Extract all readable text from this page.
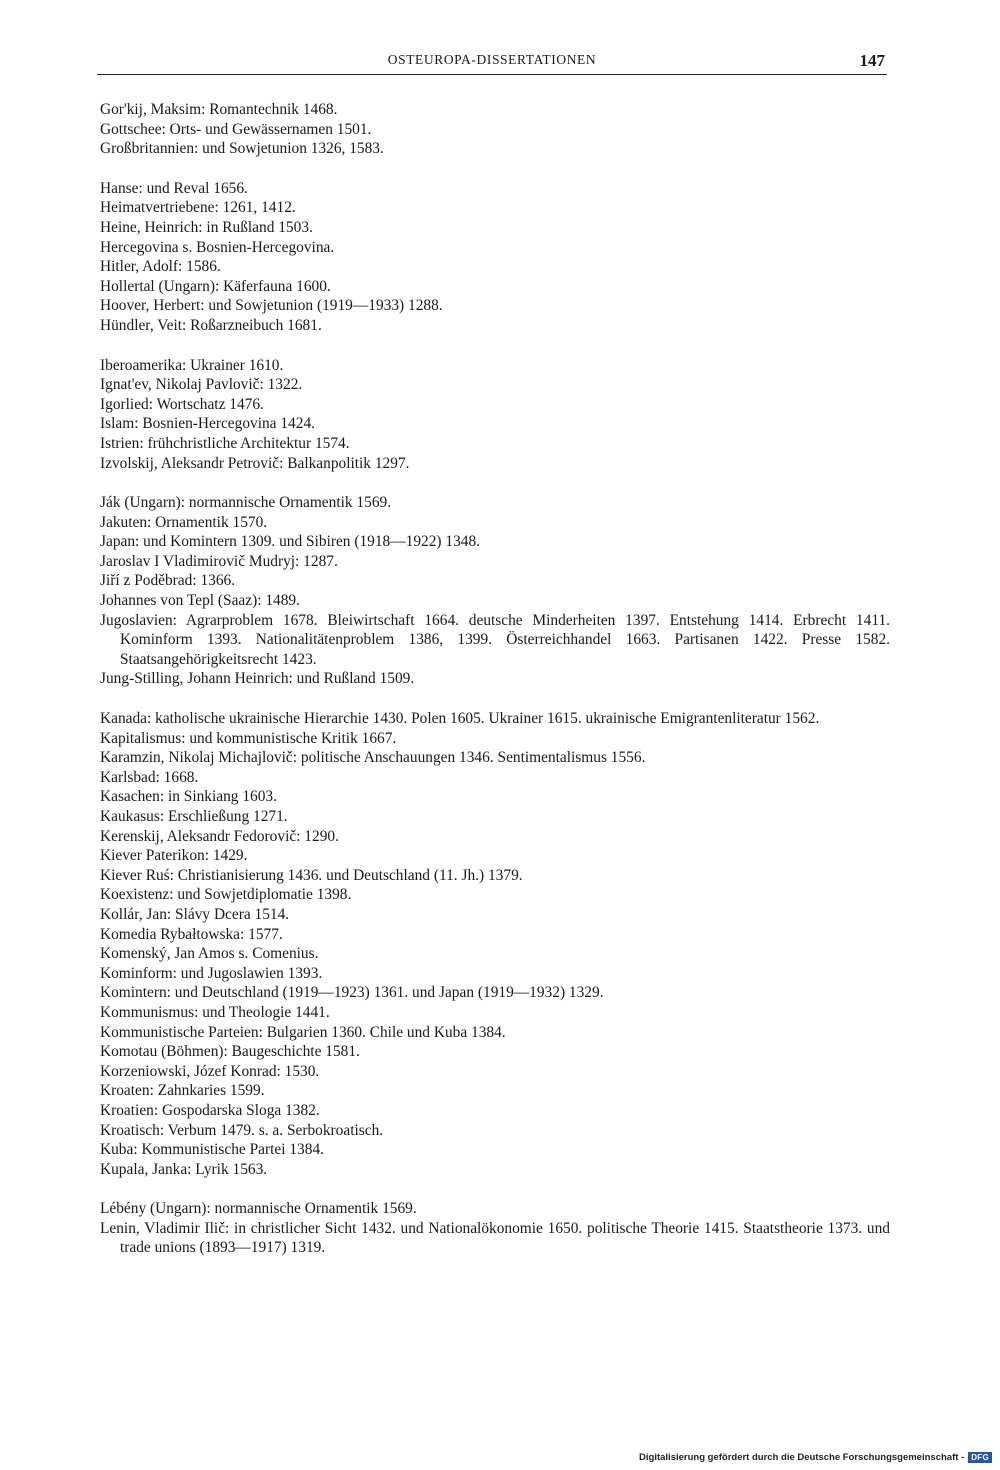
OSTEUROPA-DISSERTATIONEN	147
Gor'kij, Maksim: Romantechnik 1468.
Gottschee: Orts- und Gewässernamen 1501.
Großbritannien: und Sowjetunion 1326, 1583.
Hanse: und Reval 1656.
Heimatvertriebene: 1261, 1412.
Heine, Heinrich: in Rußland 1503.
Hercegovina s. Bosnien-Hercegovina.
Hitler, Adolf: 1586.
Hollertal (Ungarn): Käferfauna 1600.
Hoover, Herbert: und Sowjetunion (1919—1933) 1288.
Hündler, Veit: Roßarzneibuch 1681.
Iberoamerika: Ukrainer 1610.
Ignat'ev, Nikolaj Pavlovič: 1322.
Igorlied: Wortschatz 1476.
Islam: Bosnien-Hercegovina 1424.
Istrien: frühchristliche Architektur 1574.
Izvolskij, Aleksandr Petrovič: Balkanpolitik 1297.
Ják (Ungarn): normannische Ornamentik 1569.
Jakuten: Ornamentik 1570.
Japan: und Komintern 1309. und Sibiren (1918—1922) 1348.
Jaroslav I Vladimirovič Mudryj: 1287.
Jiří z Poděbrad: 1366.
Johannes von Tepl (Saaz): 1489.
Jugoslavien: Agrarproblem 1678. Bleiwirtschaft 1664. deutsche Minderheiten 1397. Entstehung 1414. Erbrecht 1411. Kominform 1393. Nationalitätenproblem 1386, 1399. Österreichhandel 1663. Partisanen 1422. Presse 1582. Staatsangehörigkeitsrecht 1423.
Jung-Stilling, Johann Heinrich: und Rußland 1509.
Kanada: katholische ukrainische Hierarchie 1430. Polen 1605. Ukrainer 1615. ukrainische Emigrantenliteratur 1562.
Kapitalismus: und kommunistische Kritik 1667.
Karamzin, Nikolaj Michajlovič: politische Anschauungen 1346. Sentimentalismus 1556.
Karlsbad: 1668.
Kasachen: in Sinkiang 1603.
Kaukasus: Erschließung 1271.
Kerenskij, Aleksandr Fedorovič: 1290.
Kiever Paterikon: 1429.
Kiever Ruś: Christianisierung 1436. und Deutschland (11. Jh.) 1379.
Koexistenz: und Sowjetdiplomatie 1398.
Kollár, Jan: Slávy Dcera 1514.
Komedia Rybałtowska: 1577.
Komenský, Jan Amos s. Comenius.
Kominform: und Jugoslawien 1393.
Komintern: und Deutschland (1919—1923) 1361. und Japan (1919—1932) 1329.
Kommunismus: und Theologie 1441.
Kommunistische Parteien: Bulgarien 1360. Chile und Kuba 1384.
Komotau (Böhmen): Baugeschichte 1581.
Korzeniowski, Józef Konrad: 1530.
Kroaten: Zahnkaries 1599.
Kroatien: Gospodarska Sloga 1382.
Kroatisch: Verbum 1479. s. a. Serbokroatisch.
Kuba: Kommunistische Partei 1384.
Kupala, Janka: Lyrik 1563.
Lébény (Ungarn): normannische Ornamentik 1569.
Lenin, Vladimir Ilič: in christlicher Sicht 1432. und Nationalökonomie 1650. politische Theorie 1415. Staatstheorie 1373. und trade unions (1893—1917) 1319.
Digitalisierung gefördert durch die Deutsche Forschungsgemeinschaft - DFG
